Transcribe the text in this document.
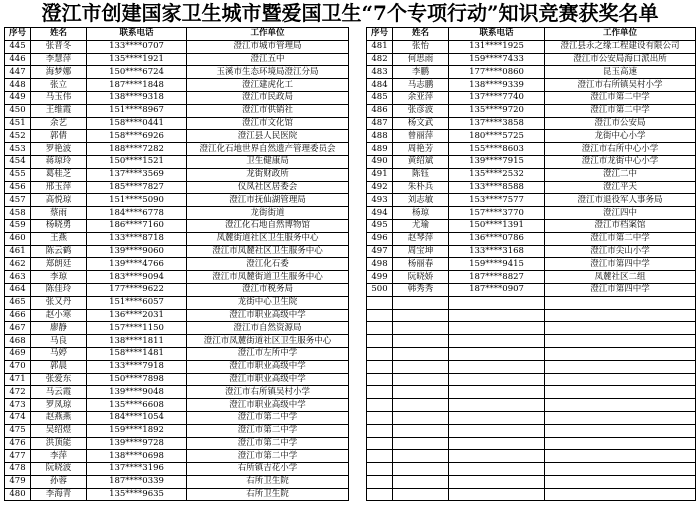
澄江市创建国家卫生城市暨爱国卫生“7个专项行动”知识竞赛获奖名单
序号	姓名	联系电话	工作单位
445	张晋冬	133****0707	澄江市城市管理局
446	李慧萍	135****1921	澄江五中
447	海梦娜	150****6724	玉溪市生态环境局澄江分局
448	张立	187****1848	澄江建虎化工
449	马玉伟	138****9318	澄江市民政局
450	王维霞	151****8967	澄江市供销社
451	余艺	158****0441	澄江市文化馆
452	郭倩	158****6926	澄江县人民医院
453	罗艳波	188****7282	澄江化石地世界自然遗产管理委员会
454	蒋琼玲	150****1521	卫生健康局
455	葛桂芝	137****3569	龙街财政所
456	邢玉萍	185****7827	仪凤社区居委会
457	高悦琼	151****5090	澄江市抚仙湖管理局
458	蔡雨	184****6778	龙街街道
459	杨晓勇	186****7160	澄江化石地自然博物馆
460	王燕	133****8718	凤麓街道社区卫生服务中心
461	陈云鹤	139****9060	澄江市凤麓社区卫生服务中心
462	郑朗廷	139****4766	澄江化石委
463	李琼	183****9094	澄江市凤麓街道卫生服务中心
464	陈佳玲	177****9622	澄江市税务局
465	张又丹	151****6057	龙街中心卫生院
466	赵小寒	136****2031	澄江市职业高级中学
467	廖静	157****1150	澄江市自然资源局
468	马良	138****1811	澄江市凤麓街道社区卫生服务中心
469	马婷	158****1481	澄江市左所中学
470	郭晨	133****7918	澄江市职业高级中学
471	张爱东	150****7898	澄江市职业高级中学
472	马云霞	139****9048	澄江市右所镇吴村小学
473	罗凤琼	135****6608	澄江市职业高级中学
474	赵燕燕	184****1054	澄江市第二中学
475	吴绍煜	159****1892	澄江市第二中学
476	洪顶能	139****9728	澄江市第二中学
477	李萍	138****0698	澄江市第二中学
478	阮晓波	137****3196	右所镇吉花小学
479	孙蓉	187****0339	右所卫生院
480	李海青	135****9635	右所卫生院
序号	姓名	联系电话	工作单位
481	张怡	131****1925	澄江县永之缘工程建设有限公司
482	何思雨	159****7433	澄江市公安局海口派出所
483	李鹏	177****0860	昆玉高速
484	马志鹏	138****9339	澄江市右所镇吴村小学
485	余亚萍	137****7740	澄江市第二中学
486	张彦波	135****9720	澄江市第二中学
487	杨文武	137****3858	澄江市公安局
488	曾丽萍	180****5725	龙街中心小学
489	周艳芳	155****8603	澄江市右所中心小学
490	黄绍斌	139****7915	澄江市龙街中心小学
491	陈钰	135****2532	澄江二中
492	朱朴兵	133****8588	澄江平天
493	刘志敏	153****7577	澄江市退役军人事务局
494	杨琼	157****3770	澄江四中
495	尤瑜	150****1391	澄江市档案馆
496	赵琴萍	136****0786	澄江市第二中学
497	周宝坤	133****3168	澄江市尖山小学
498	杨丽春	159****9415	澄江市第四中学
499	阮晓娇	187****8827	凤麓社区二组
500	韩秀秀	187****0907	澄江市第四中学
